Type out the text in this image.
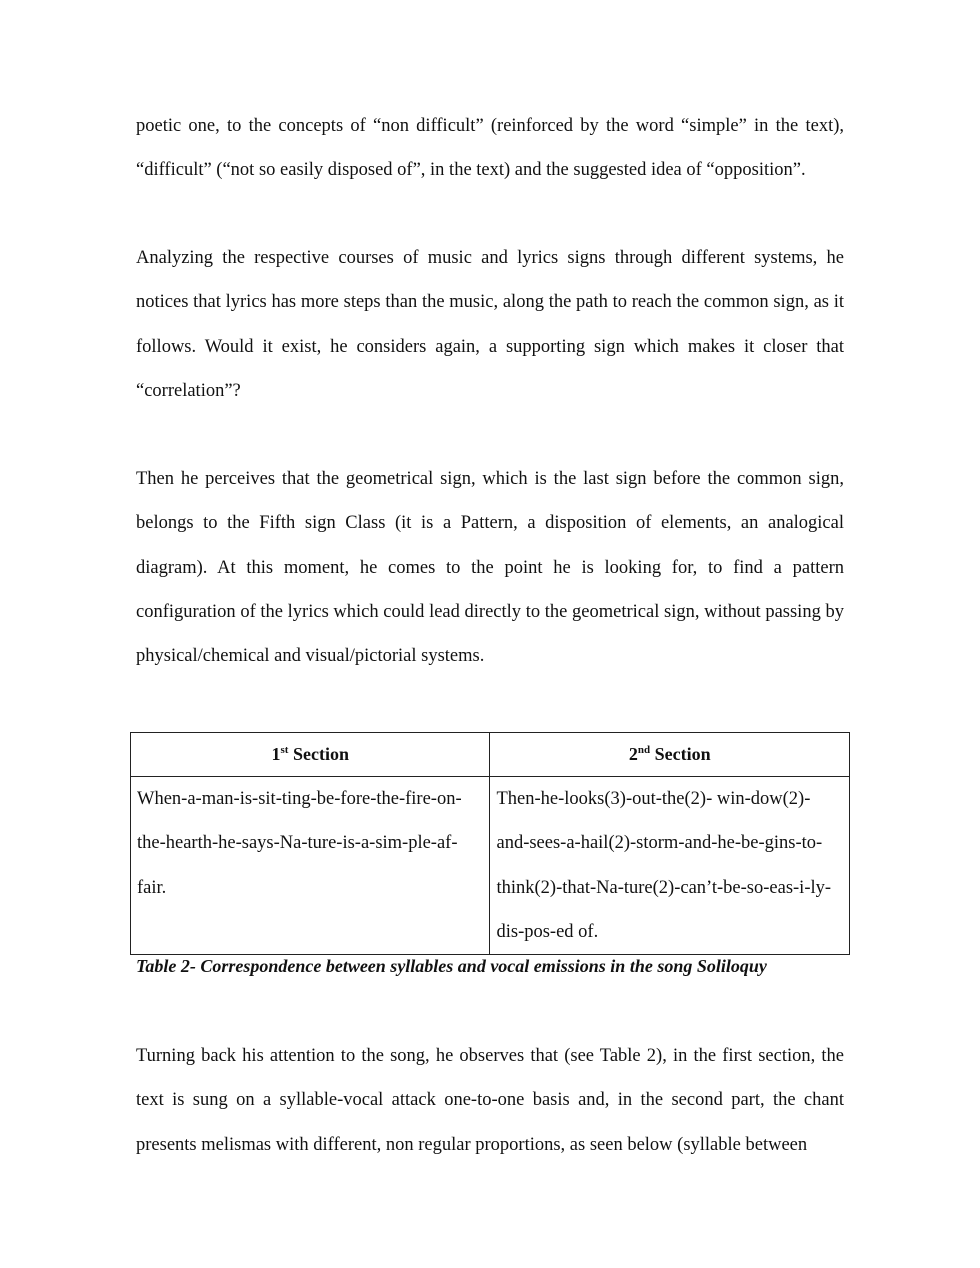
poetic one, to the concepts of “non difficult” (reinforced by the word “simple” in the text), “difficult” (“not so easily disposed of”, in the text) and the suggested idea of “opposition”.

Analyzing the respective courses of music and lyrics signs through different systems, he notices that lyrics has more steps than the music, along the path to reach the common sign, as it follows. Would it exist, he considers again, a supporting sign which makes it closer that “correlation”?

Then he perceives that the geometrical sign, which is the last sign before the common sign, belongs to the Fifth sign Class (it is a Pattern, a disposition of elements, an analogical diagram). At this moment, he comes to the point he is looking for, to find a pattern configuration of the lyrics which could lead directly to the geometrical sign, without passing by physical/chemical and visual/pictorial systems.

1st Section	2nd Section
When-a-man-is-sit-ting-be-fore-the-fire-on-the-hearth-he-says-Na-ture-is-a-sim-ple-af-fair.	Then-he-looks(3)-out-the(2)- win-dow(2)-and-sees-a-hail(2)-storm-and-he-be-gins-to-think(2)-that-Na-ture(2)-can’t-be-so-eas-i-ly-dis-pos-ed of.

Table 2- Correspondence between syllables and vocal emissions in the song Soliloquy

Turning back his attention to the song, he observes that (see Table 2), in the first section, the text is sung on a syllable-vocal attack one-to-one basis and, in the second part, the chant presents melismas with different, non regular proportions, as seen below (syllable between
